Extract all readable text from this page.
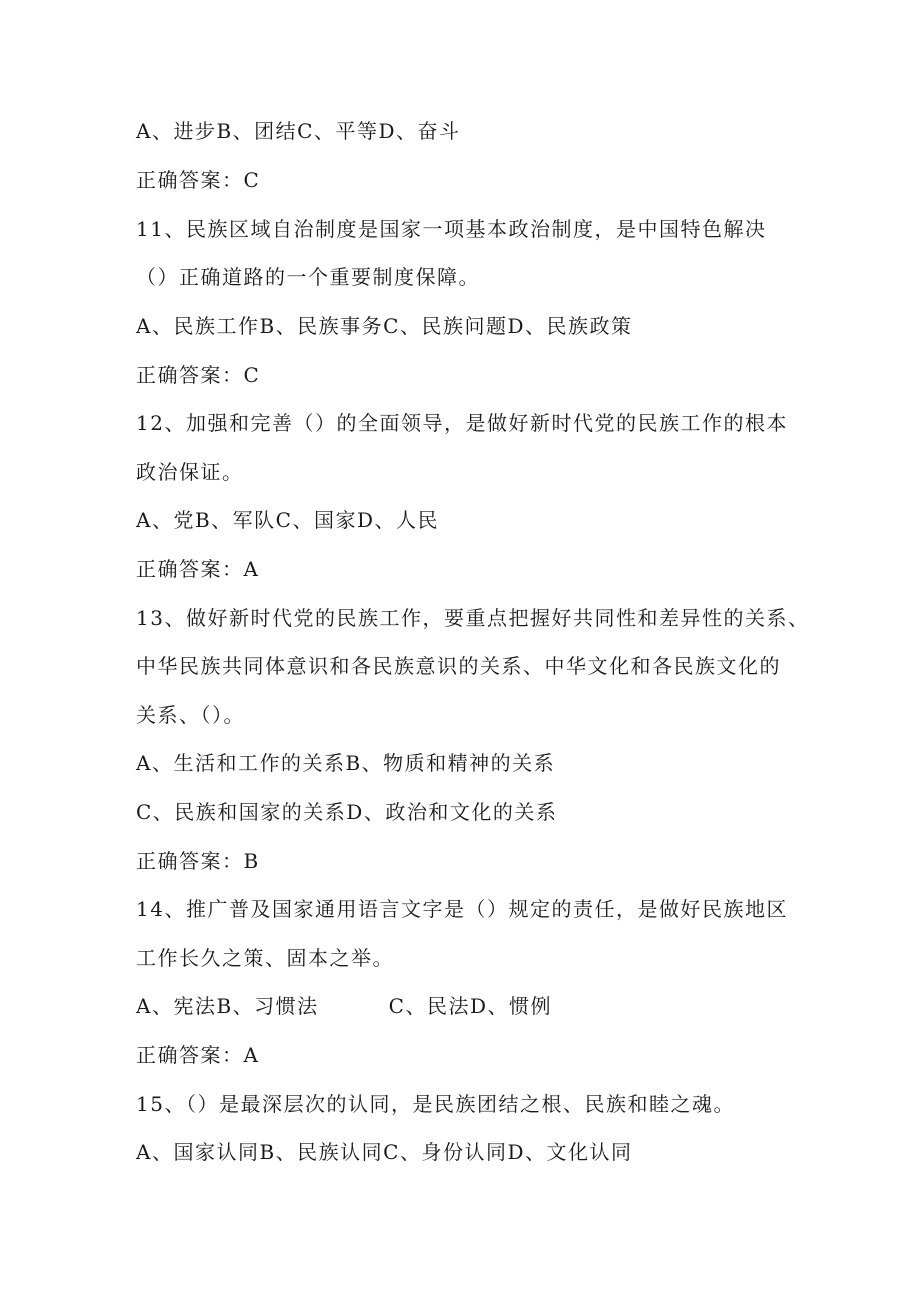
A、进步B、团结C、平等D、奋斗
正确答案：C
11、民族区域自治制度是国家一项基本政治制度，是中国特色解决
（）正确道路的一个重要制度保障。
A、民族工作B、民族事务C、民族问题D、民族政策
正确答案：C
12、加强和完善（）的全面领导，是做好新时代党的民族工作的根本
政治保证。
A、党B、军队C、国家D、人民
正确答案：A
13、做好新时代党的民族工作，要重点把握好共同性和差异性的关系、
中华民族共同体意识和各民族意识的关系、中华文化和各民族文化的
关系、（）。
A、生活和工作的关系B、物质和精神的关系
C、民族和国家的关系D、政治和文化的关系
正确答案：B
14、推广普及国家通用语言文字是（）规定的责任，是做好民族地区
工作长久之策、固本之举。
A、宪法B、习惯法	C、民法D、惯例
正确答案：A
15、（）是最深层次的认同，是民族团结之根、民族和睦之魂。
A、国家认同B、民族认同C、身份认同D、文化认同
